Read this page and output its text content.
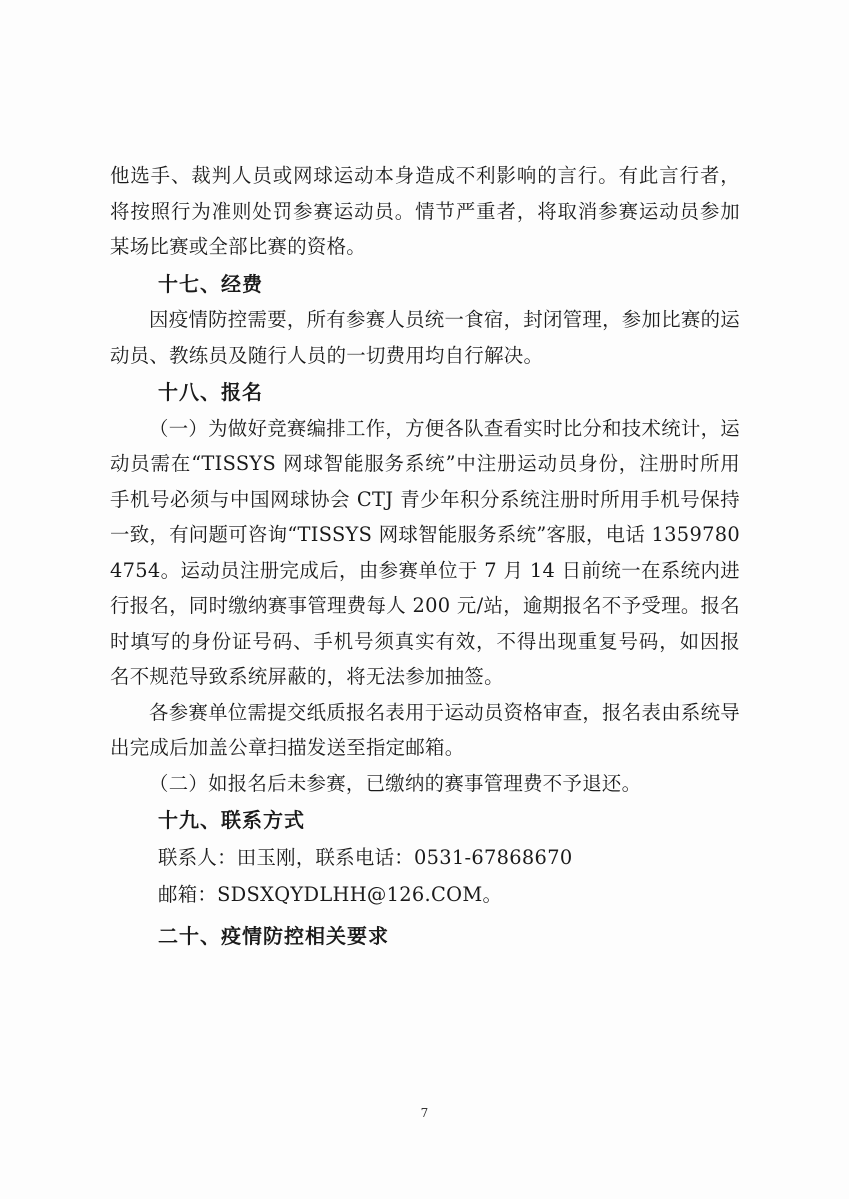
他选手、裁判人员或网球运动本身造成不利影响的言行。有此言行者，将按照行为准则处罚参赛运动员。情节严重者，将取消参赛运动员参加某场比赛或全部比赛的资格。

十七、经费

因疫情防控需要，所有参赛人员统一食宿，封闭管理，参加比赛的运动员、教练员及随行人员的一切费用均自行解决。

十八、报名

（一）为做好竞赛编排工作，方便各队查看实时比分和技术统计，运动员需在“TISSYS 网球智能服务系统”中注册运动员身份，注册时所用手机号必须与中国网球协会 CTJ 青少年积分系统注册时所用手机号保持一致，有问题可咨询“TISSYS 网球智能服务系统”客服，电话 13597804754。运动员注册完成后，由参赛单位于 7 月 14 日前统一在系统内进行报名，同时缴纳赛事管理费每人 200 元/站，逾期报名不予受理。报名时填写的身份证号码、手机号须真实有效，不得出现重复号码，如因报名不规范导致系统屏蔽的，将无法参加抽签。

各参赛单位需提交纸质报名表用于运动员资格审查，报名表由系统导出完成后加盖公章扫描发送至指定邮箱。

（二）如报名后未参赛，已缴纳的赛事管理费不予退还。

十九、联系方式

联系人：田玉刚，联系电话：0531-67868670

邮箱：SDSXQYDLHH@126.COM。

二十、疫情防控相关要求
7
